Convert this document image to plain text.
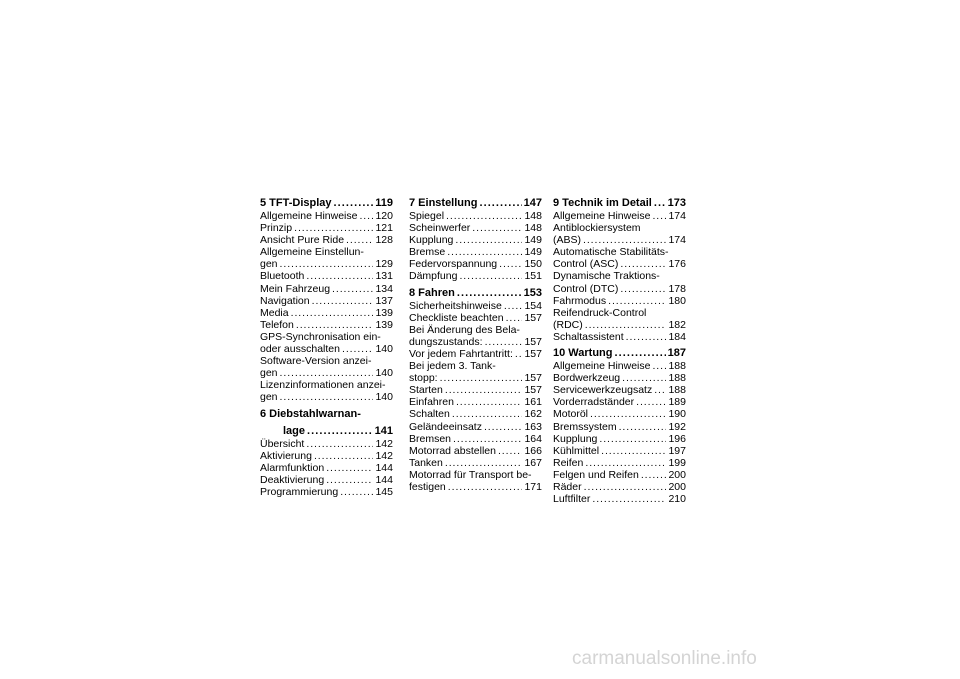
5 TFT-Display . . .	119
Allgemeine Hinweise . . . 120
Prinzip . . .	121
Ansicht Pure Ride . . .	128
Allgemeine Einstellun-
gen . . .	129
Bluetooth . . .	131
Mein Fahrzeug . . .	134
Navigation . . .	137
Media . . .	139
Telefon . . .	139
GPS-Synchronisation ein-
oder ausschalten . . .	140
Software-Version anzei-
gen . . .	140
Lizenzinformationen anzei-
gen . . .	140
6 Diebstahlwarnan-
lage . . .	141
Übersicht . . .	142
Aktivierung . . .	142
Alarmfunktion . . .	144
Deaktivierung . . .	144
Programmierung . . .	145
7 Einstellung . . .	147
Spiegel . . .	148
Scheinwerfer . . .	148
Kupplung . . .	149
Bremse . . .	149
Federvorspannung . . .	150
Dämpfung . . .	151
8 Fahren . . .	153
Sicherheitshinweise . . . 154
Checkliste beachten . . . 157
Bei Änderung des Bela-
dungszustands: . . .	157
Vor jedem Fahrtantritt: . . . 157
Bei jedem 3. Tank-
stopp: . . .	157
Starten . . .	157
Einfahren . . .	161
Schalten . . .	162
Geländeeinsatz . . .	163
Bremsen . . .	164
Motorrad abstellen . . .	166
Tanken . . .	167
Motorrad für Transport be-
festigen . . .	171
9 Technik im Detail . . . 173
Allgemeine Hinweise . . . 174
Antiblockiersystem
(ABS) . . .	174
Automatische Stabilitäts-
Control (ASC) . . .	176
Dynamische Traktions-
Control (DTC) . . .	178
Fahrmodus . . .	180
Reifendruck-Control
(RDC) . . .	182
Schaltassistent . . .	184
10 Wartung . . .	187
Allgemeine Hinweise . . . 188
Bordwerkzeug . . .	188
Servicewerkzeugsatz . . . 188
Vorderradständer . . .	189
Motoröl . . .	190
Bremssystem . . .	192
Kupplung . . .	196
Kühlmittel . . .	197
Reifen . . .	199
Felgen und Reifen . . .	200
Räder . . .	200
Luftfilter . . .	210
carmanualsonline.info
